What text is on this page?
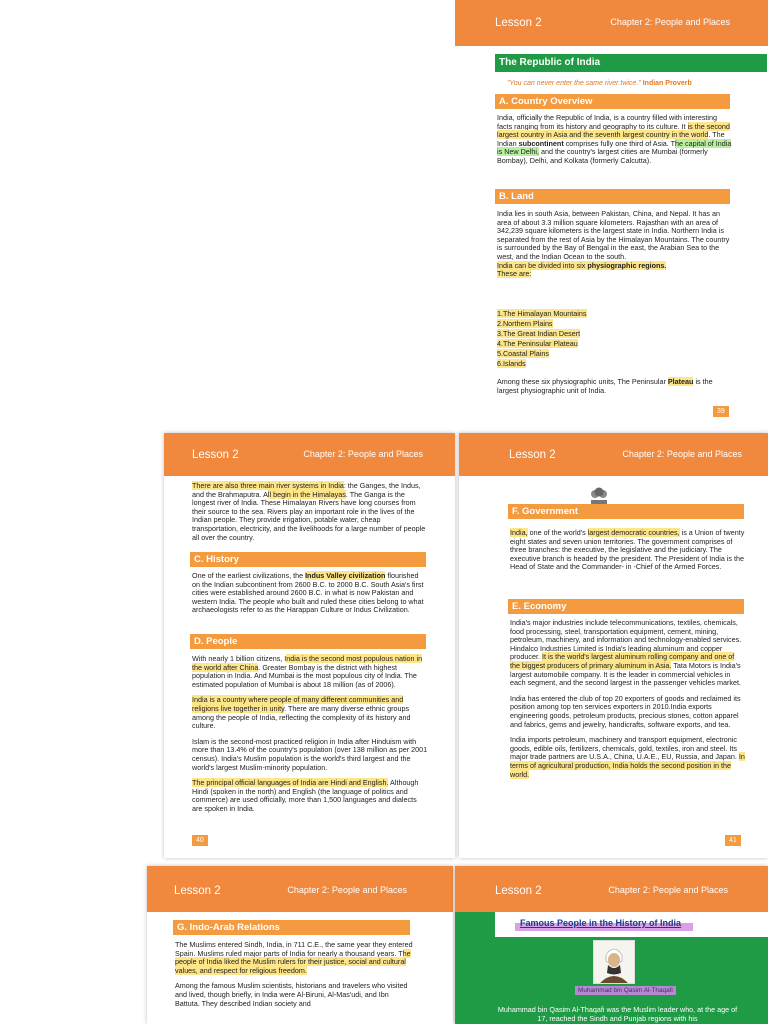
Lesson 2	Chapter 2: People and Places
The Republic of India
"You can never enter the same river twice." Indian Proverb
A. Country Overview
India, officially the Republic of India, is a country filled with interesting facts ranging from its history and geography to its culture. It is the second largest country in Asia and the seventh largest country in the world. The Indian subcontinent comprises fully one third of Asia. The capital of India is New Delhi, and the country's largest cities are Mumbai (formerly Bombay), Delhi, and Kolkata (formerly Calcutta).
B. Land
India lies in south Asia, between Pakistan, China, and Nepal. It has an area of about 3.3 million square kilometers. Rajasthan with an area of 342,239 square kilometers is the largest state in India. Northern India is separated from the rest of Asia by the Himalayan Mountains. The country is surrounded by the Bay of Bengal in the east, the Arabian Sea to the west, and the Indian Ocean to the south.
India can be divided into six physiographic regions.
These are:
1.The Himalayan Mountains
2.Northern Plains
3.The Great Indian Desert
4.The Peninsular Plateau
5.Coastal Plains
6.Islands
Among these six physiographic units, The Peninsular Plateau is the largest physiographic unit of India.
39
Lesson 2	Chapter 2: People and Places
There are also three main river systems in India: the Ganges, the Indus, and the Brahmaputra. All begin in the Himalayas. The Ganga is the longest river of India. These Himalayan Rivers have long courses from their source to the sea. Rivers play an important role in the lives of the Indian people. They provide irrigation, potable water, cheap transportation, electricity, and the livelihoods for a large number of people all over the country.
C. History
One of the earliest civilizations, the Indus Valley civilization flourished on the Indian subcontinent from 2600 B.C. to 2000 B.C. South Asia's first cities were established around 2600 B.C. in what is now Pakistan and western India. The people who built and ruled these cities belong to what archaeologists refer to as the Harappan Culture or Indus Civilization.
D. People

With nearly 1 billion citizens, India is the second most populous nation in the world after China. Greater Bombay is the district with highest population in India. And Mumbai is the most populous city of India. The estimated population of Mumbai is about 18 million (as of 2006).

India is a country where people of many different communities and religions live together in unity. There are many diverse ethnic groups among the people of India, reflecting the complexity of its history and culture.

Islam is the second-most practiced religion in India after Hinduism with more than 13.4% of the country's population (over 138 million as per 2001 census). India's Muslim population is the world's third largest and the world's largest Muslim-minority population.

The principal official languages of India are Hindi and English. Although Hindi (spoken in the north) and English (the language of politics and commerce) are used officially, more than 1,500 languages and dialects are spoken in India.

40
Lesson 2	Chapter 2: People and Places
F. Government
India, one of the world's largest democratic countries, is a Union of twenty eight states and seven union territories. The government comprises of three branches: the executive, the legislative and the judiciary. The executive branch is headed by the president. The President of India is the Head of State and the Commander- in -Chief of the Armed Forces.
E. Economy

India's major industries include telecommunications, textiles, chemicals, food processing, steel, transportation equipment, cement, mining, petroleum, machinery, and information and technology-enabled services. Hindalco Industries Limited is India's leading aluminum and copper producer. It is the world's largest aluminum rolling company and one of the biggest producers of primary aluminum in Asia. Tata Motors is India's largest automobile company. It is the leader in commercial vehicles in each segment, and the second largest in the passenger vehicles market.

India has entered the club of top 20 exporters of goods and reclaimed its position among top ten services exporters in 2010.India exports engineering goods, petroleum products, precious stones, cotton apparel and fabrics, gems and jewelry, handicrafts, software exports, and tea.

India imports petroleum, machinery and transport equipment, electronic goods, edible oils, fertilizers, chemicals, gold, textiles, iron and steel. Its major trade partners are U.S.A., China, U.A.E., EU, Russia, and Japan. In terms of agricultural production, India holds the second position in the world.

41
Lesson 2	Chapter 2: People and Places
G. Indo-Arab Relations

The Muslims entered Sindh, India, in 711 C.E., the same year they entered Spain. Muslims ruled major parts of India for nearly a thousand years. The people of India liked the Muslim rulers for their justice, social and cultural values, and respect for religious freedom.

Among the famous Muslim scientists, historians and travelers who visited and lived, though briefly, in India were Al-Biruni, Al-Mas'udi, and Ibn Battuta. They described Indian society and

Lesson 2	Chapter 2: People and Places
Famous People in the History of India
Muhammad bin Qasim Al-Thaqafi
Muhammad bin Qasim Al-Thaqafi was the Muslim leader who, at the age of 17, reached the Sindh and Punjab regions with his
